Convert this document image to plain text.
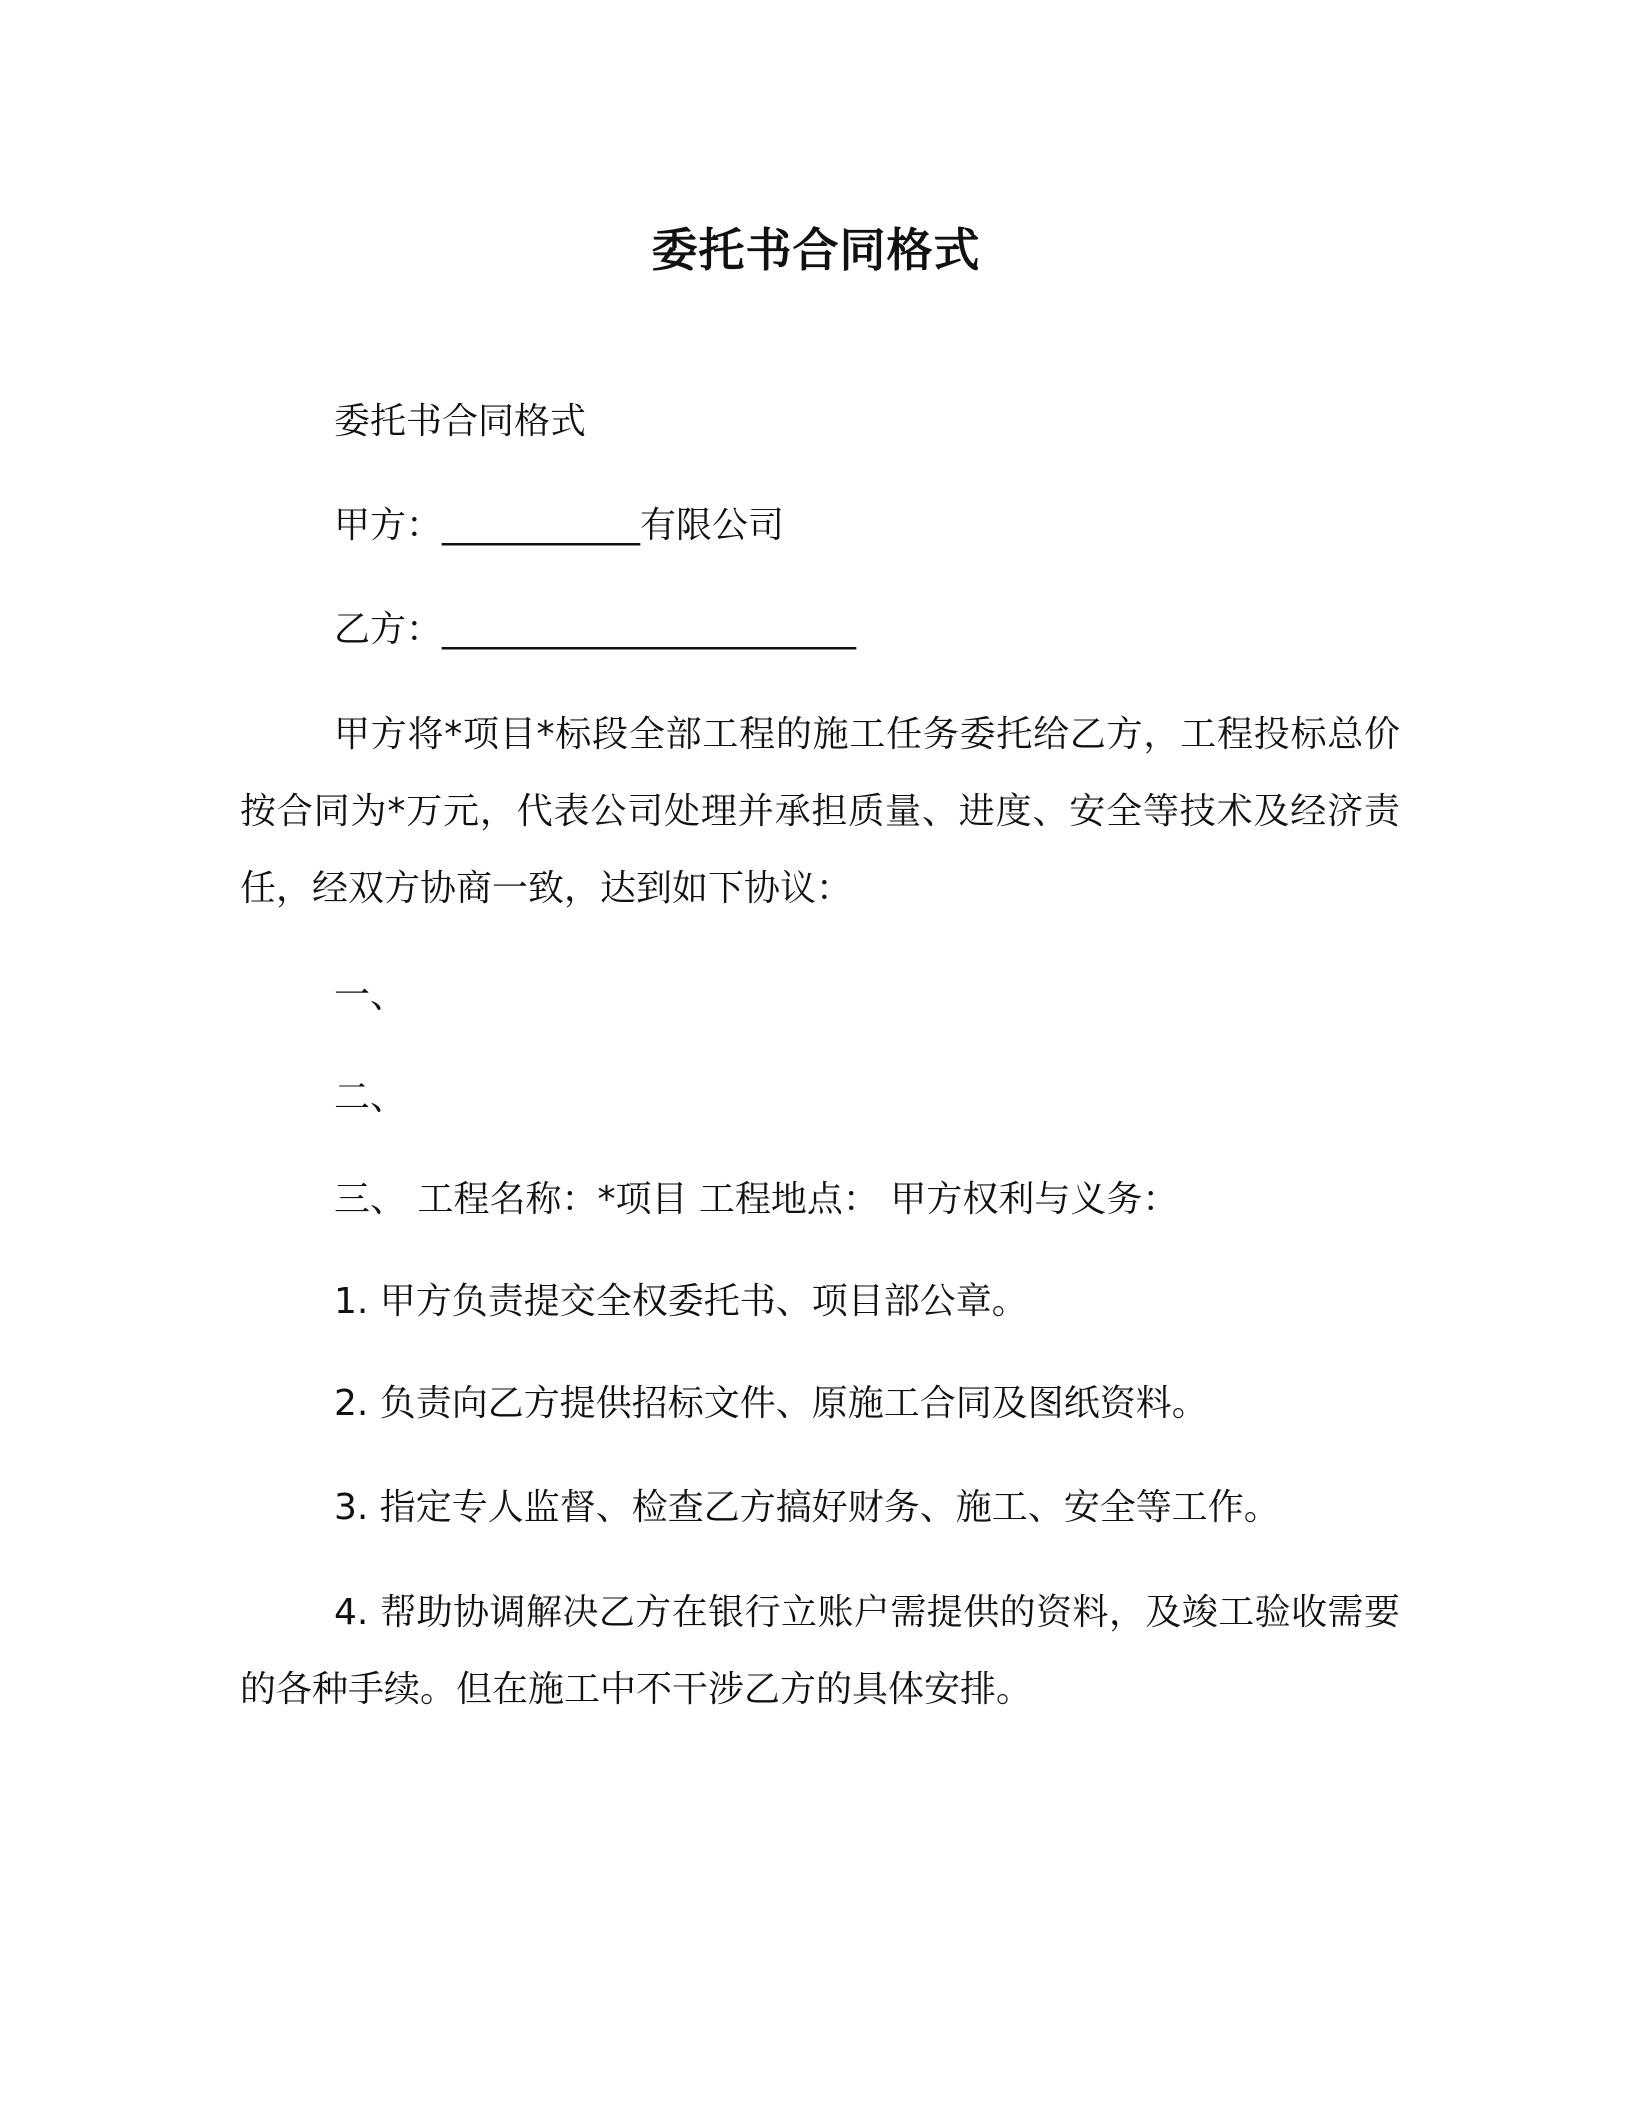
委托书合同格式
委托书合同格式
甲方：___________有限公司
乙方：_______________________
甲方将*项目*标段全部工程的施工任务委托给乙方，工程投标总价按合同为*万元，代表公司处理并承担质量、进度、安全等技术及经济责任，经双方协商一致，达到如下协议：
一、
二、
三、 工程名称：*项目 工程地点： 甲方权利与义务：
1. 甲方负责提交全权委托书、项目部公章。
2. 负责向乙方提供招标文件、原施工合同及图纸资料。
3. 指定专人监督、检查乙方搞好财务、施工、安全等工作。
4. 帮助协调解决乙方在银行立账户需提供的资料，及竣工验收需要的各种手续。但在施工中不干涉乙方的具体安排。
